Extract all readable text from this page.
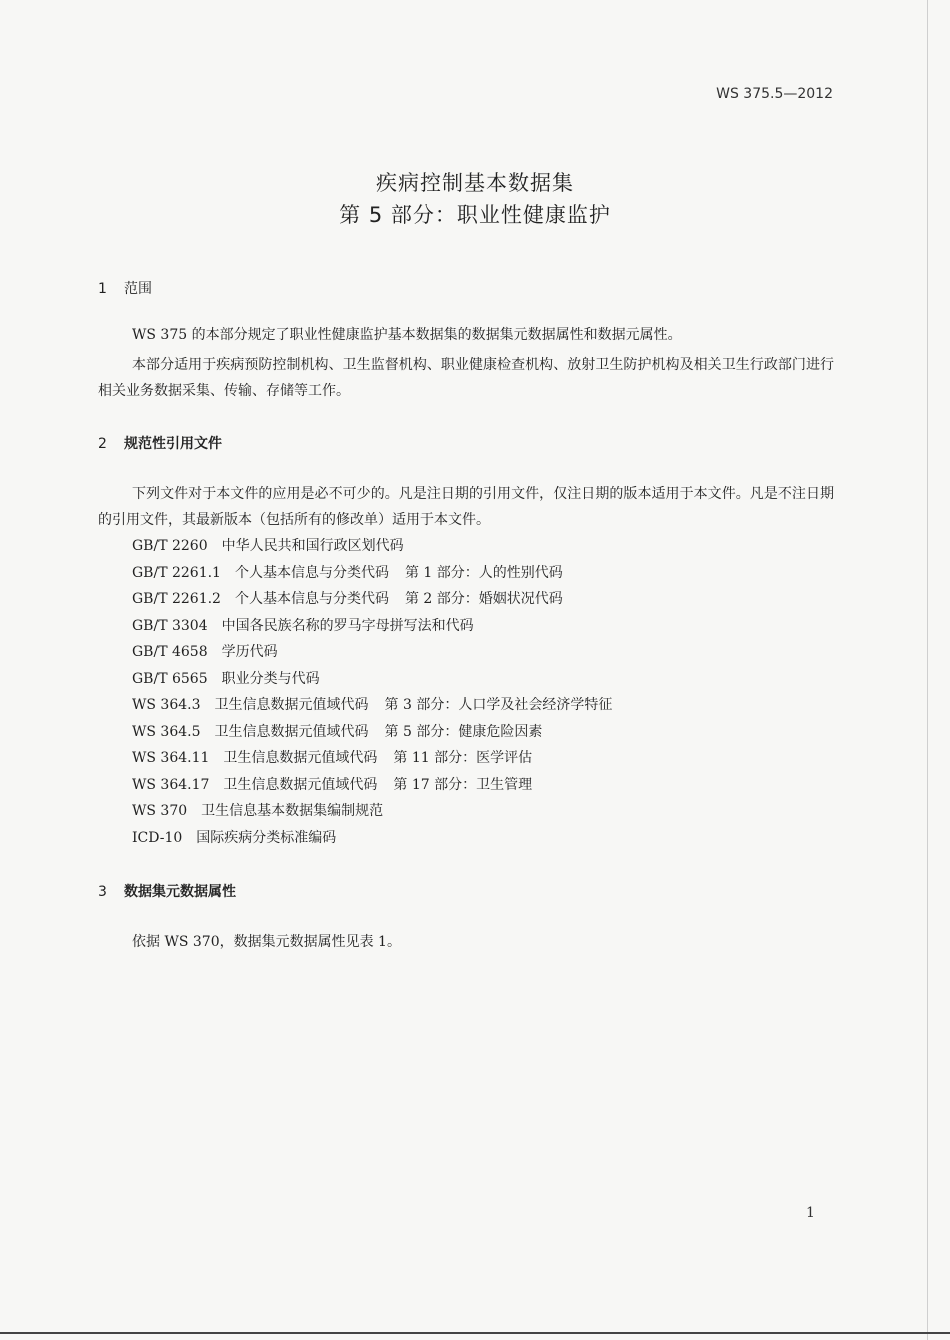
WS 375.5—2012
疾病控制基本数据集
第 5 部分：职业性健康监护
1 范围
WS 375 的本部分规定了职业性健康监护基本数据集的数据集元数据属性和数据元属性。
本部分适用于疾病预防控制机构、卫生监督机构、职业健康检查机构、放射卫生防护机构及相关卫生行政部门进行相关业务数据采集、传输、存储等工作。
2 规范性引用文件
下列文件对于本文件的应用是必不可少的。凡是注日期的引用文件，仅注日期的版本适用于本文件。凡是不注日期的引用文件，其最新版本（包括所有的修改单）适用于本文件。
GB/T 2260 中华人民共和国行政区划代码
GB/T 2261.1 个人基本信息与分类代码 第 1 部分：人的性别代码
GB/T 2261.2 个人基本信息与分类代码 第 2 部分：婚姻状况代码
GB/T 3304 中国各民族名称的罗马字母拼写法和代码
GB/T 4658 学历代码
GB/T 6565 职业分类与代码
WS 364.3 卫生信息数据元值域代码 第 3 部分：人口学及社会经济学特征
WS 364.5 卫生信息数据元值域代码 第 5 部分：健康危险因素
WS 364.11 卫生信息数据元值域代码 第 11 部分：医学评估
WS 364.17 卫生信息数据元值域代码 第 17 部分：卫生管理
WS 370 卫生信息基本数据集编制规范
ICD-10 国际疾病分类标准编码
3 数据集元数据属性
依据 WS 370，数据集元数据属性见表 1。
1
